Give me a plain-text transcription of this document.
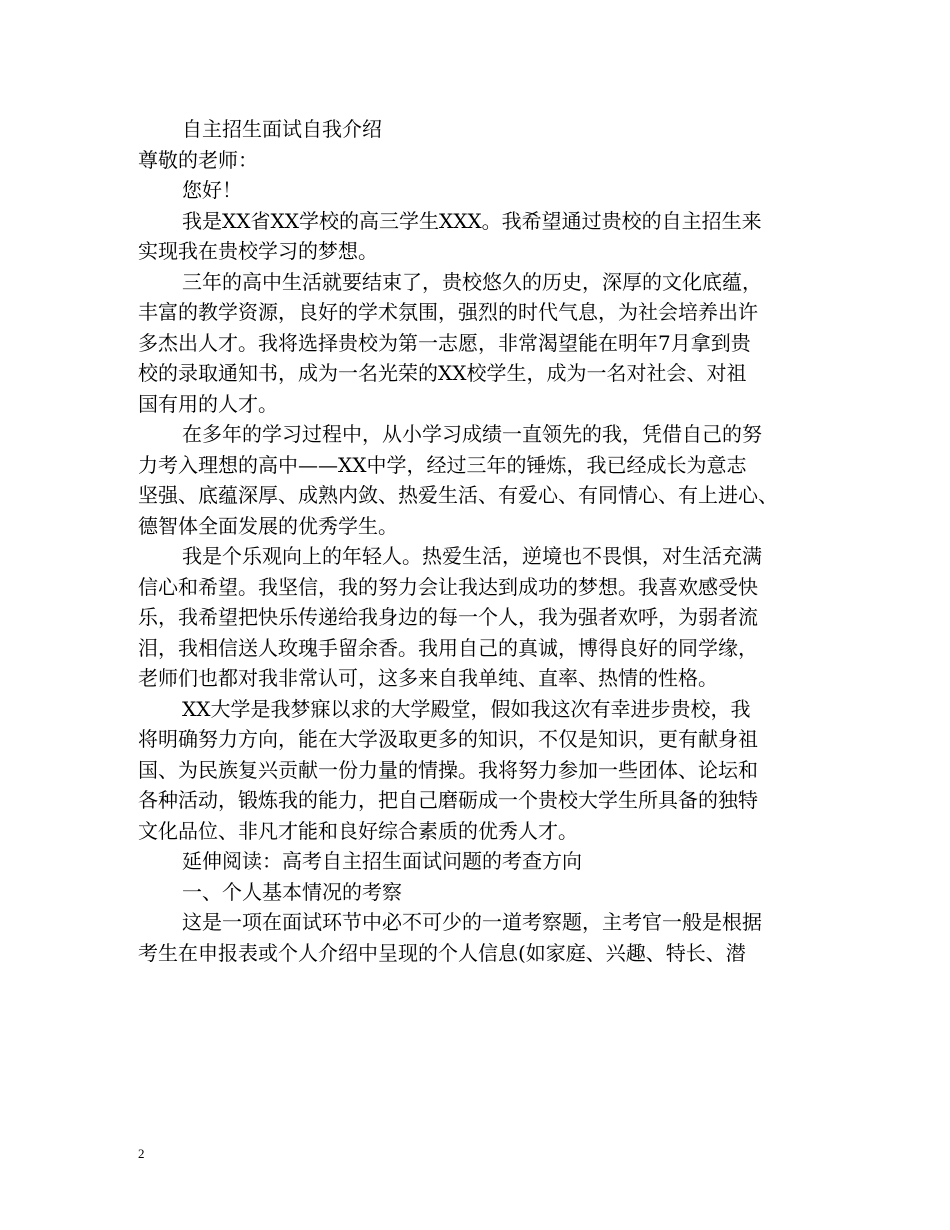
自主招生面试自我介绍
尊敬的老师：
您好！
我是XX省XX学校的高三学生XXX。我希望通过贵校的自主招生来
实现我在贵校学习的梦想。
三年的高中生活就要结束了，贵校悠久的历史，深厚的文化底蕴，
丰富的教学资源，良好的学术氛围，强烈的时代气息，为社会培养出许
多杰出人才。我将选择贵校为第一志愿，非常渴望能在明年7月拿到贵
校的录取通知书，成为一名光荣的XX校学生，成为一名对社会、对祖
国有用的人才。
在多年的学习过程中，从小学习成绩一直领先的我，凭借自己的努
力考入理想的高中——XX中学，经过三年的锤炼，我已经成长为意志
坚强、底蕴深厚、成熟内敛、热爱生活、有爱心、有同情心、有上进心、
德智体全面发展的优秀学生。
我是个乐观向上的年轻人。热爱生活，逆境也不畏惧，对生活充满
信心和希望。我坚信，我的努力会让我达到成功的梦想。我喜欢感受快
乐，我希望把快乐传递给我身边的每一个人，我为强者欢呼，为弱者流
泪，我相信送人玫瑰手留余香。我用自己的真诚，博得良好的同学缘，
老师们也都对我非常认可，这多来自我单纯、直率、热情的性格。
XX大学是我梦寐以求的大学殿堂，假如我这次有幸进步贵校，我
将明确努力方向，能在大学汲取更多的知识，不仅是知识，更有献身祖
国、为民族复兴贡献一份力量的情操。我将努力参加一些团体、论坛和
各种活动，锻炼我的能力，把自己磨砺成一个贵校大学生所具备的独特
文化品位、非凡才能和良好综合素质的优秀人才。
延伸阅读：高考自主招生面试问题的考查方向
一、个人基本情况的考察
这是一项在面试环节中必不可少的一道考察题，主考官一般是根据
考生在申报表或个人介绍中呈现的个人信息(如家庭、兴趣、特长、潜
2
